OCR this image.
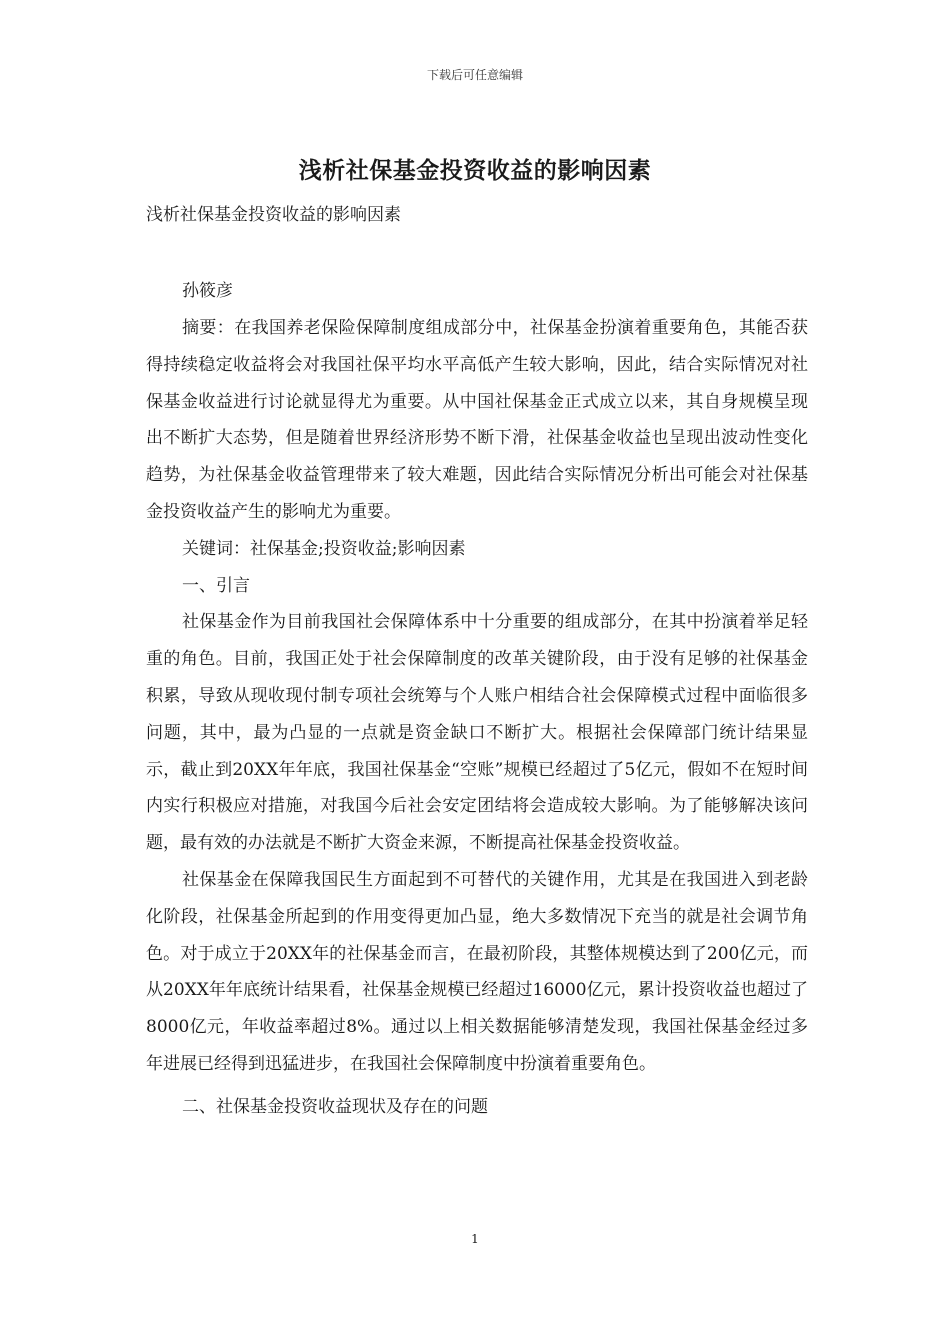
下载后可任意编辑
浅析社保基金投资收益的影响因素

浅析社保基金投资收益的影响因素

孙筱彦

摘要：在我国养老保险保障制度组成部分中，社保基金扮演着重要角色，其能否获得持续稳定收益将会对我国社保平均水平高低产生较大影响，因此，结合实际情况对社保基金收益进行讨论就显得尤为重要。从中国社保基金正式成立以来，其自身规模呈现出不断扩大态势，但是随着世界经济形势不断下滑，社保基金收益也呈现出波动性变化趋势，为社保基金收益管理带来了较大难题，因此结合实际情况分析出可能会对社保基金投资收益产生的影响尤为重要。

关键词：社保基金;投资收益;影响因素

一、引言

社保基金作为目前我国社会保障体系中十分重要的组成部分，在其中扮演着举足轻重的角色。目前，我国正处于社会保障制度的改革关键阶段，由于没有足够的社保基金积累，导致从现收现付制专项社会统筹与个人账户相结合社会保障模式过程中面临很多问题，其中，最为凸显的一点就是资金缺口不断扩大。根据社会保障部门统计结果显示，截止到20XX年年底，我国社保基金“空账”规模已经超过了5亿元，假如不在短时间内实行积极应对措施，对我国今后社会安定团结将会造成较大影响。为了能够解决该问题，最有效的办法就是不断扩大资金来源，不断提高社保基金投资收益。

社保基金在保障我国民生方面起到不可替代的关键作用，尤其是在我国进入到老龄化阶段，社保基金所起到的作用变得更加凸显，绝大多数情况下充当的就是社会调节角色。对于成立于20XX年的社保基金而言，在最初阶段，其整体规模达到了200亿元，而从20XX年年底统计结果看，社保基金规模已经超过16000亿元，累计投资收益也超过了8000亿元，年收益率超过8%。通过以上相关数据能够清楚发现，我国社保基金经过多年进展已经得到迅猛进步，在我国社会保障制度中扮演着重要角色。

二、社保基金投资收益现状及存在的问题

1
